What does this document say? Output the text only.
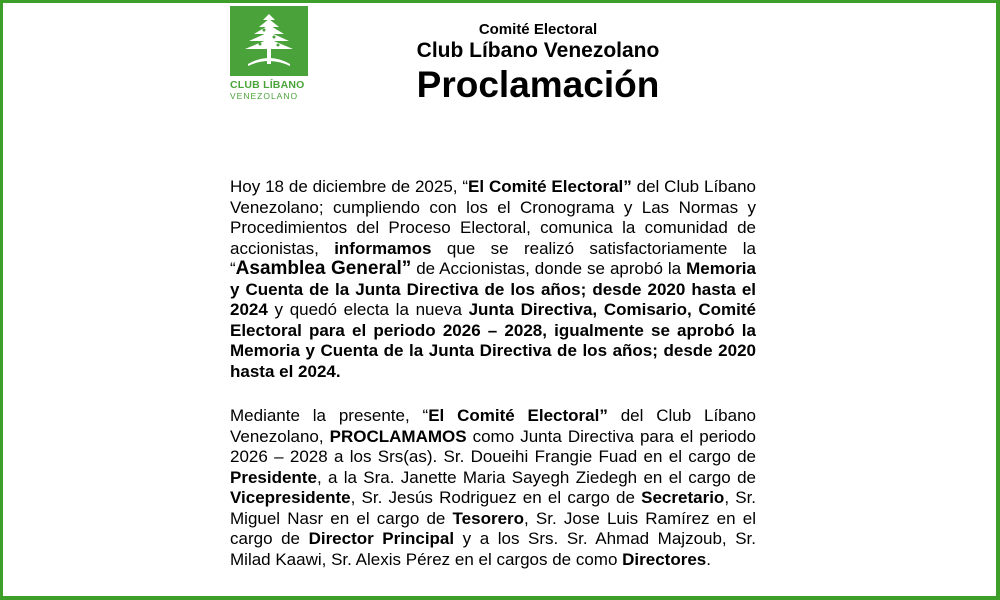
CLUB LÍBANO
VENEZOLANO
Comité Electoral
Club Líbano Venezolano
Proclamación
Hoy 18 de diciembre de 2025, “El Comité Electoral” del Club Líbano Venezolano; cumpliendo con los el Cronograma y Las Normas y Procedimientos del Proceso Electoral, comunica la comunidad de accionistas, informamos que se realizó satisfactoriamente la “Asamblea General” de Accionistas, donde se aprobó la Memoria y Cuenta de la Junta Directiva de los años; desde 2020 hasta el 2024 y quedó electa la nueva Junta Directiva, Comisario, Comité Electoral para el periodo 2026 – 2028, igualmente se aprobó la Memoria y Cuenta de la Junta Directiva de los años; desde 2020 hasta el 2024.
Mediante la presente, “El Comité Electoral” del Club Líbano Venezolano, PROCLAMAMOS como Junta Directiva para el periodo 2026 – 2028 a los Srs(as). Sr. Doueihi Frangie Fuad en el cargo de Presidente, a la Sra. Janette Maria Sayegh Ziedegh en el cargo de Vicepresidente, Sr. Jesús Rodriguez en el cargo de Secretario, Sr. Miguel Nasr en el cargo de Tesorero, Sr. Jose Luis Ramírez en el cargo de Director Principal y a los Srs. Sr. Ahmad Majzoub, Sr. Milad Kaawi, Sr. Alexis Pérez en el cargos de como Directores.
